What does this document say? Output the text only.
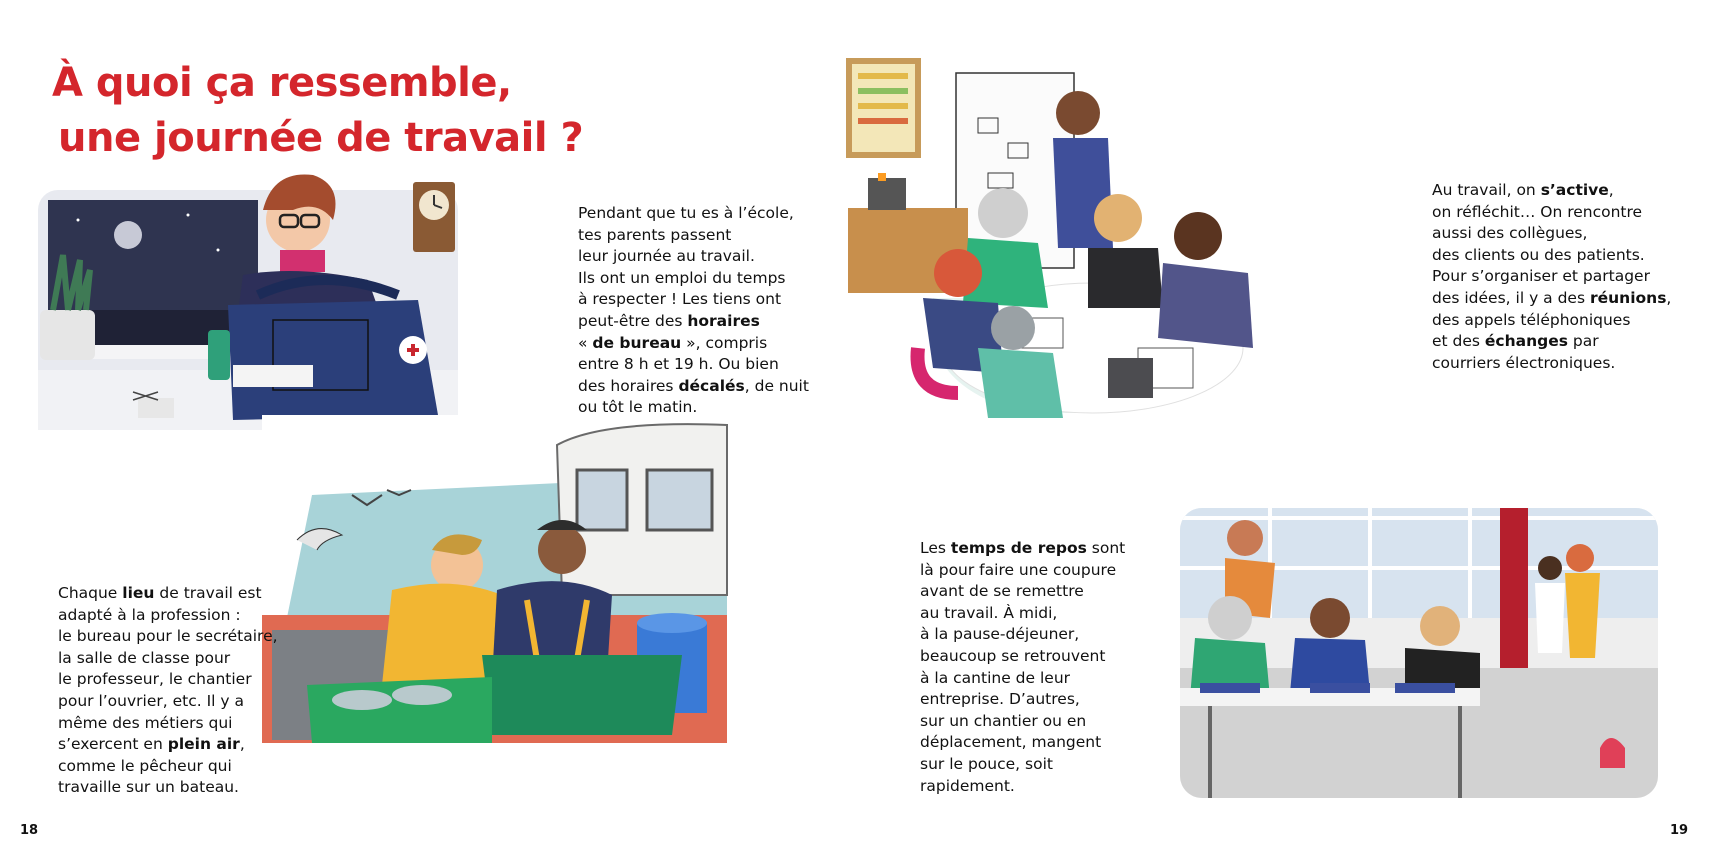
À quoi ça ressemble,
une journée de travail ?
Pendant que tu es à l’école,
tes parents passent
leur journée au travail.
Ils ont un emploi du temps
à respecter ! Les tiens ont
peut-être des horaires
« de bureau », compris
entre 8 h et 19 h. Ou bien
des horaires décalés, de nuit
ou tôt le matin.
Chaque lieu de travail est
adapté à la profession :
le bureau pour le secrétaire,
la salle de classe pour
le professeur, le chantier
pour l’ouvrier, etc. Il y a
même des métiers qui
s’exercent en plein air,
comme le pêcheur qui
travaille sur un bateau.
Au travail, on s’active,
on réfléchit… On rencontre
aussi des collègues,
des clients ou des patients.
Pour s’organiser et partager
des idées, il y a des réunions,
des appels téléphoniques
et des échanges par
courriers électroniques.
Les temps de repos sont
là pour faire une coupure
avant de se remettre
au travail. À midi,
à la pause-déjeuner,
beaucoup se retrouvent
à la cantine de leur
entreprise. D’autres,
sur un chantier ou en
déplacement, mangent
sur le pouce, soit
rapidement.
18	19
